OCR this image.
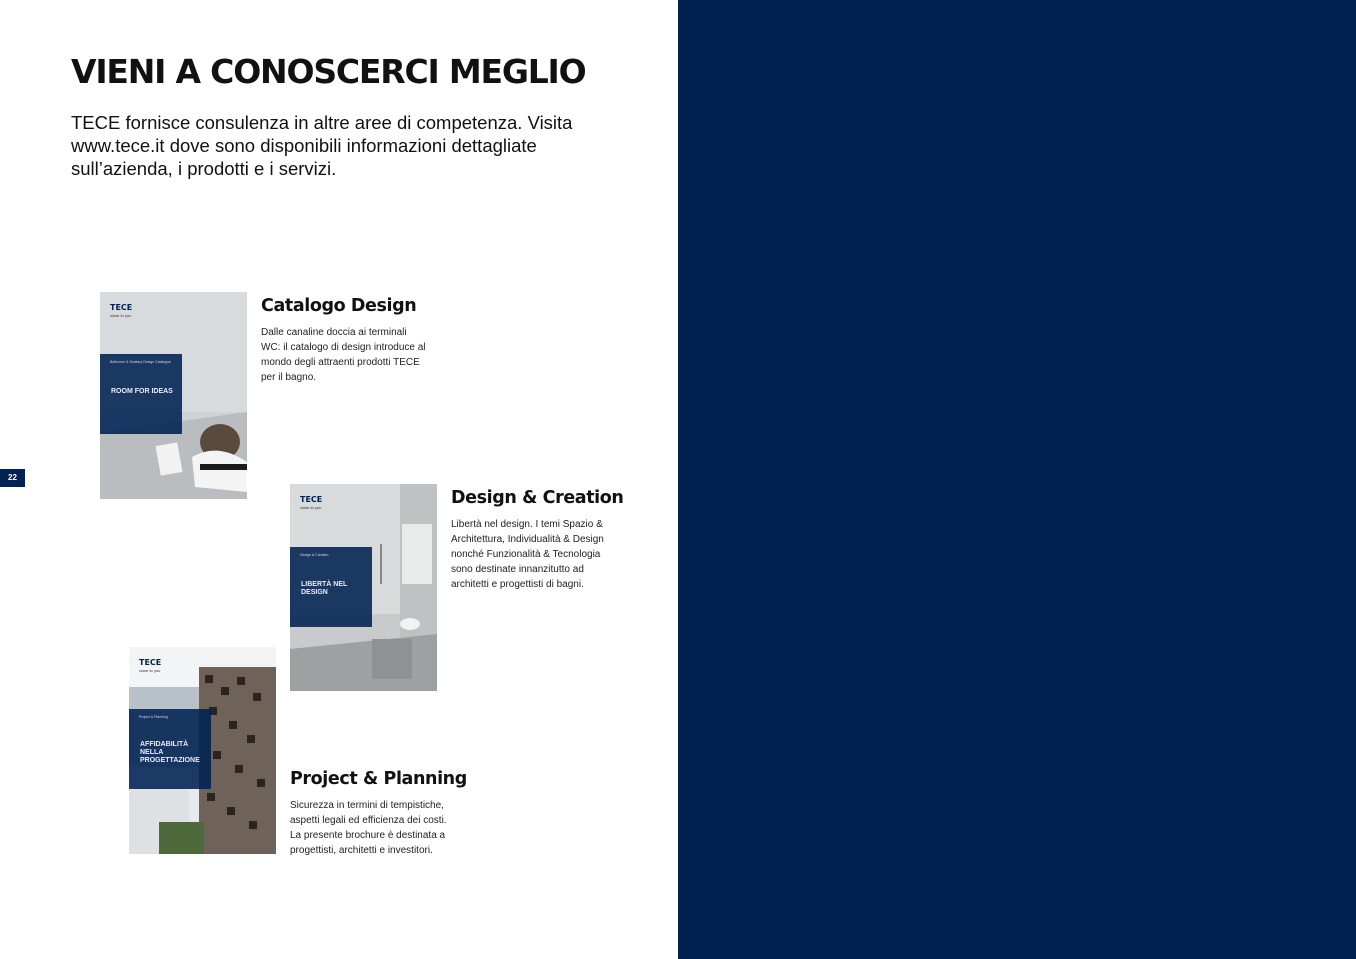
VIENI A CONOSCERCI MEGLIO

TECE fornisce consulenza in altre aree di competenza. Visita www.tece.it dove sono disponibili informazioni dettagliate sull’azienda, i prodotti e i servizi.

22
TECE
close to you
Bathroom & Sanitary Design Catalogue
ROOM FOR IDEAS
Catalogo Design

Dalle canaline doccia ai terminali WC: il catalogo di design introduce al mondo degli attraenti prodotti TECE per il bagno.

TECE
close to you
Design & Creation
LIBERTÀ NEL DESIGN
Design & Creation

Libertà nel design. I temi Spazio & Architettura, Individualità & Design nonché Funzionalità & Tecnologia sono destinate innanzitutto ad architetti e progettisti di bagni.

TECE
close to you
Project & Planning
AFFIDABILITÀ NELLA PROGETTAZIONE
Project & Planning

Sicurezza in termini di tempistiche, aspetti legali ed efficienza dei costi. La presente brochure è destinata a progettisti, architetti e investitori.
